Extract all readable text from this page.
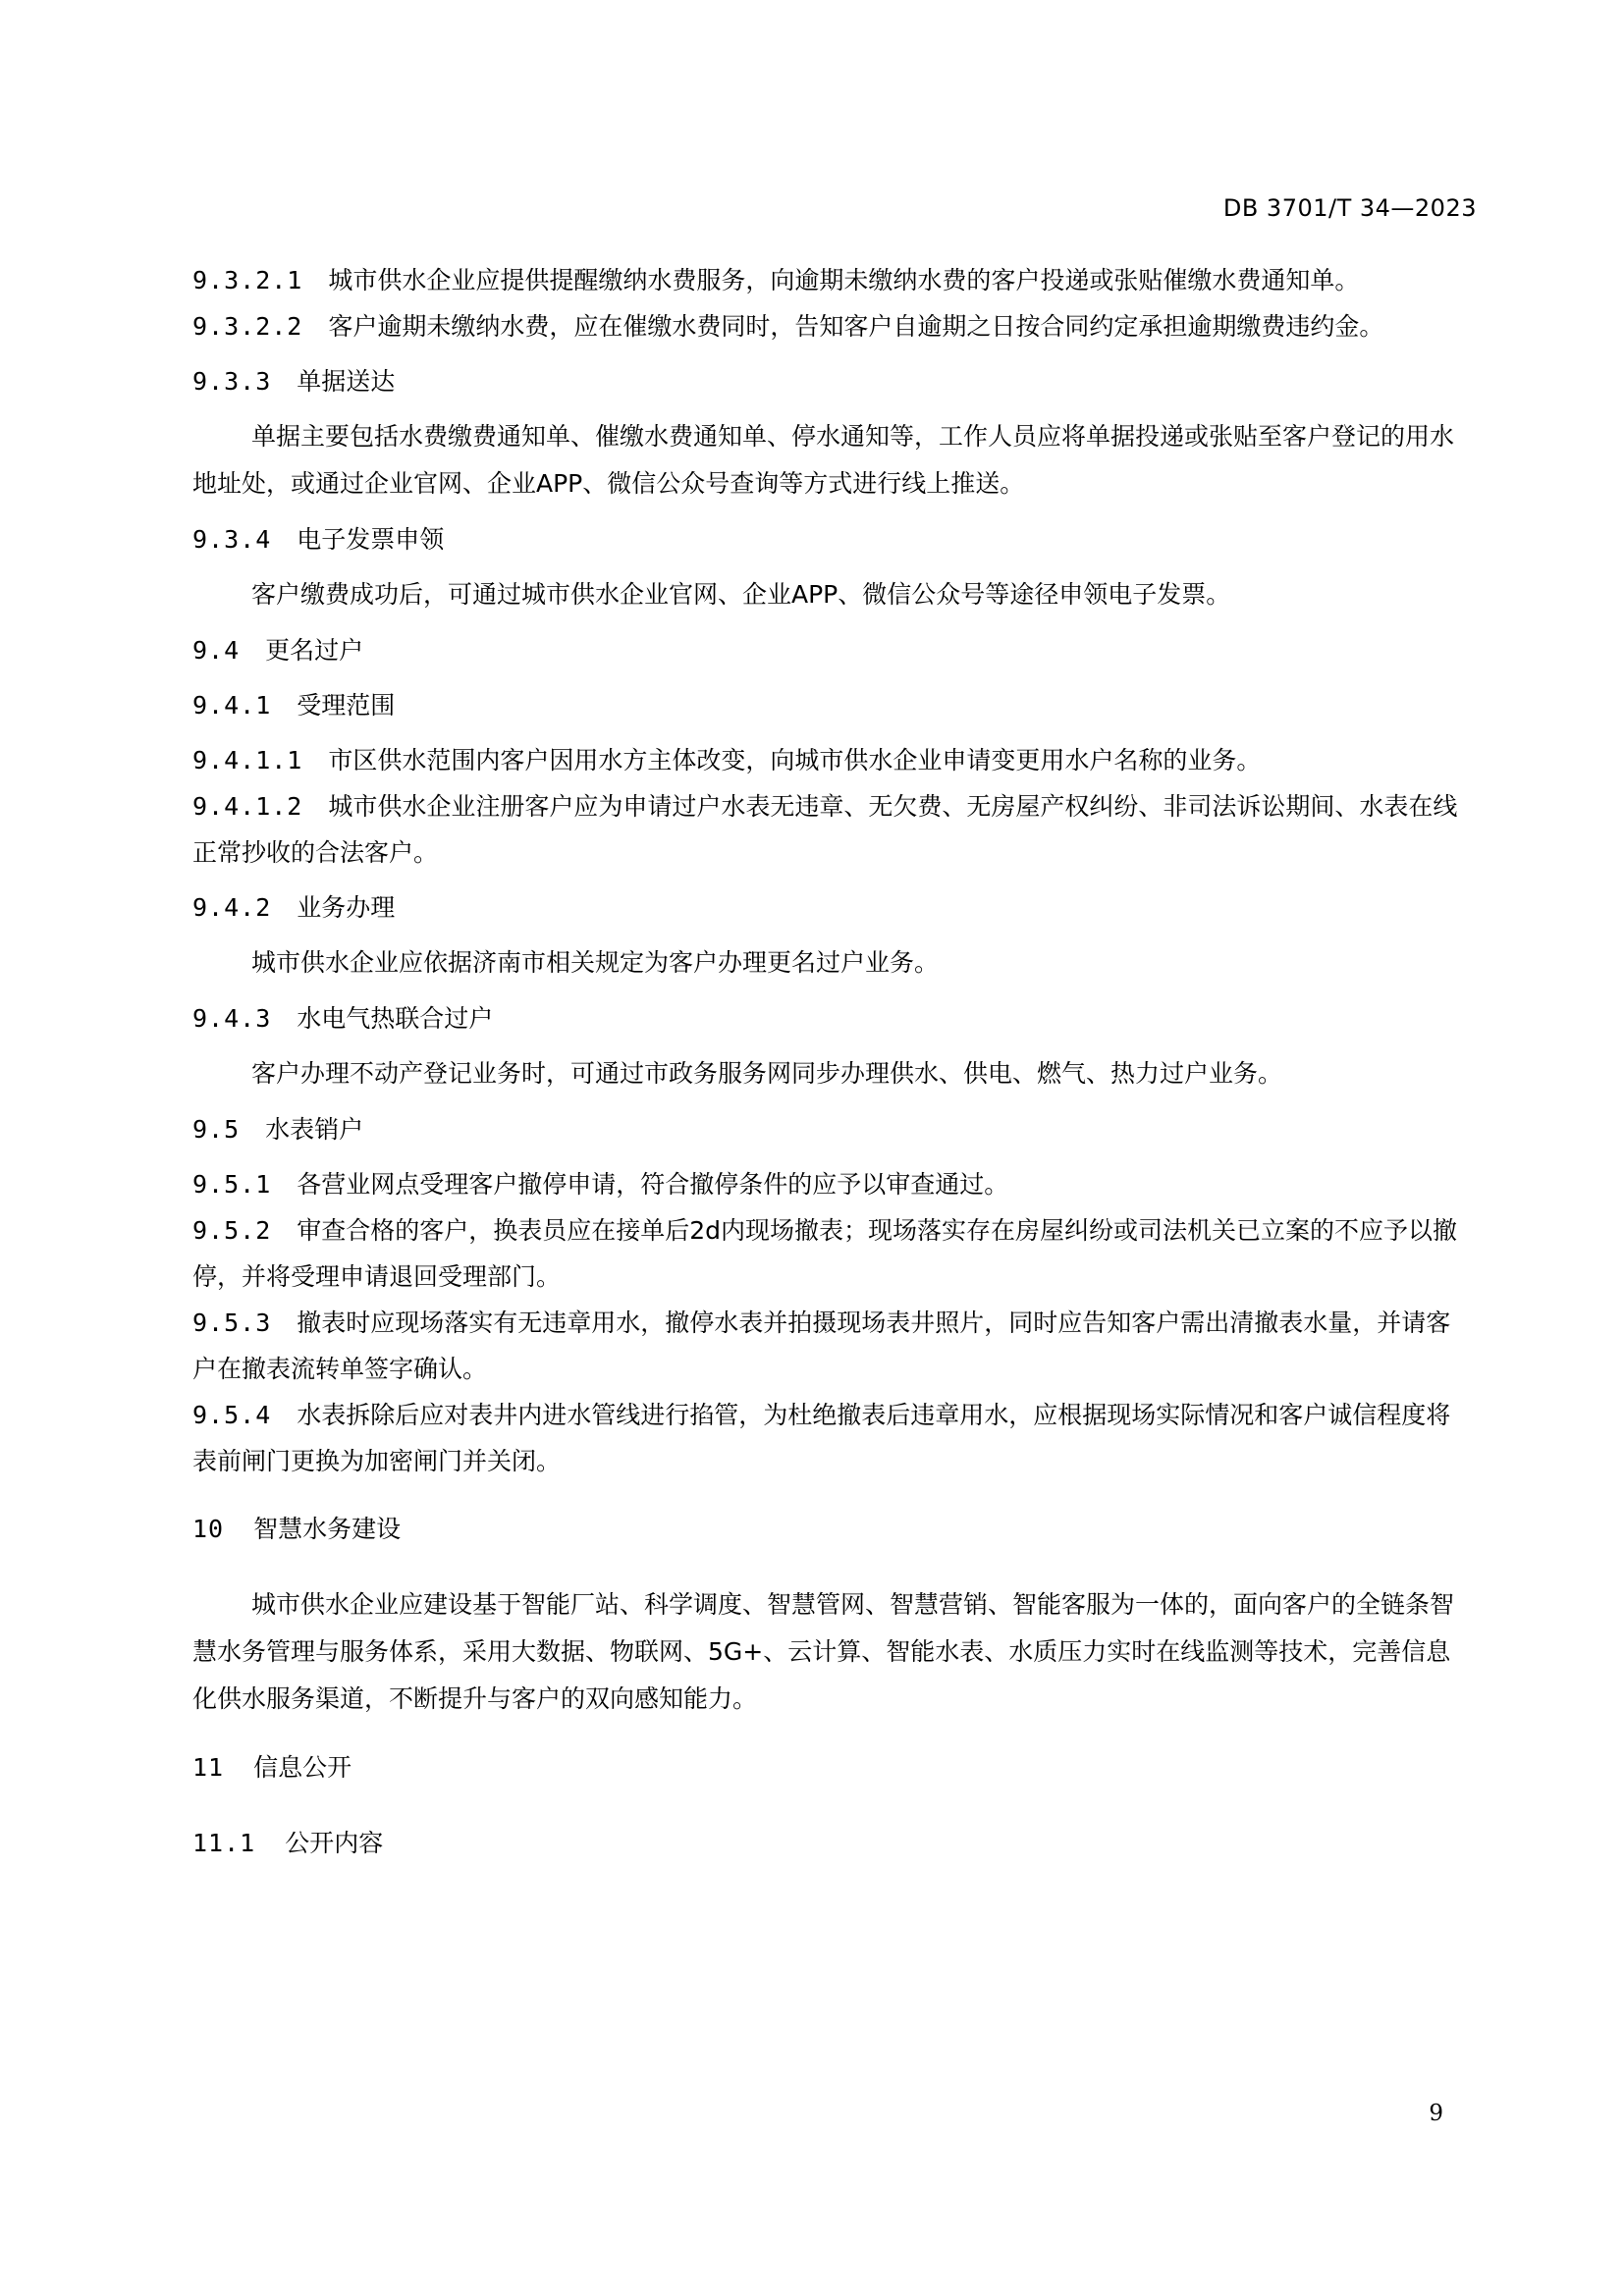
DB 3701/T 34—2023
9.3.2.1 城市供水企业应提供提醒缴纳水费服务，向逾期未缴纳水费的客户投递或张贴催缴水费通知单。
9.3.2.2 客户逾期未缴纳水费，应在催缴水费同时，告知客户自逾期之日按合同约定承担逾期缴费违约金。
9.3.3 单据送达
单据主要包括水费缴费通知单、催缴水费通知单、停水通知等，工作人员应将单据投递或张贴至客户登记的用水地址处，或通过企业官网、企业APP、微信公众号查询等方式进行线上推送。
9.3.4 电子发票申领
客户缴费成功后，可通过城市供水企业官网、企业APP、微信公众号等途径申领电子发票。
9.4 更名过户
9.4.1 受理范围
9.4.1.1 市区供水范围内客户因用水方主体改变，向城市供水企业申请变更用水户名称的业务。
9.4.1.2 城市供水企业注册客户应为申请过户水表无违章、无欠费、无房屋产权纠纷、非司法诉讼期间、水表在线正常抄收的合法客户。
9.4.2 业务办理
城市供水企业应依据济南市相关规定为客户办理更名过户业务。
9.4.3 水电气热联合过户
客户办理不动产登记业务时，可通过市政务服务网同步办理供水、供电、燃气、热力过户业务。
9.5 水表销户
9.5.1 各营业网点受理客户撤停申请，符合撤停条件的应予以审查通过。
9.5.2 审查合格的客户，换表员应在接单后2d内现场撤表；现场落实存在房屋纠纷或司法机关已立案的不应予以撤停，并将受理申请退回受理部门。
9.5.3 撤表时应现场落实有无违章用水，撤停水表并拍摄现场表井照片，同时应告知客户需出清撤表水量，并请客户在撤表流转单签字确认。
9.5.4 水表拆除后应对表井内进水管线进行掐管，为杜绝撤表后违章用水，应根据现场实际情况和客户诚信程度将表前闸门更换为加密闸门并关闭。
10 智慧水务建设
城市供水企业应建设基于智能厂站、科学调度、智慧管网、智慧营销、智能客服为一体的，面向客户的全链条智慧水务管理与服务体系，采用大数据、物联网、5G+、云计算、智能水表、水质压力实时在线监测等技术，完善信息化供水服务渠道，不断提升与客户的双向感知能力。
11 信息公开
11.1 公开内容
9
